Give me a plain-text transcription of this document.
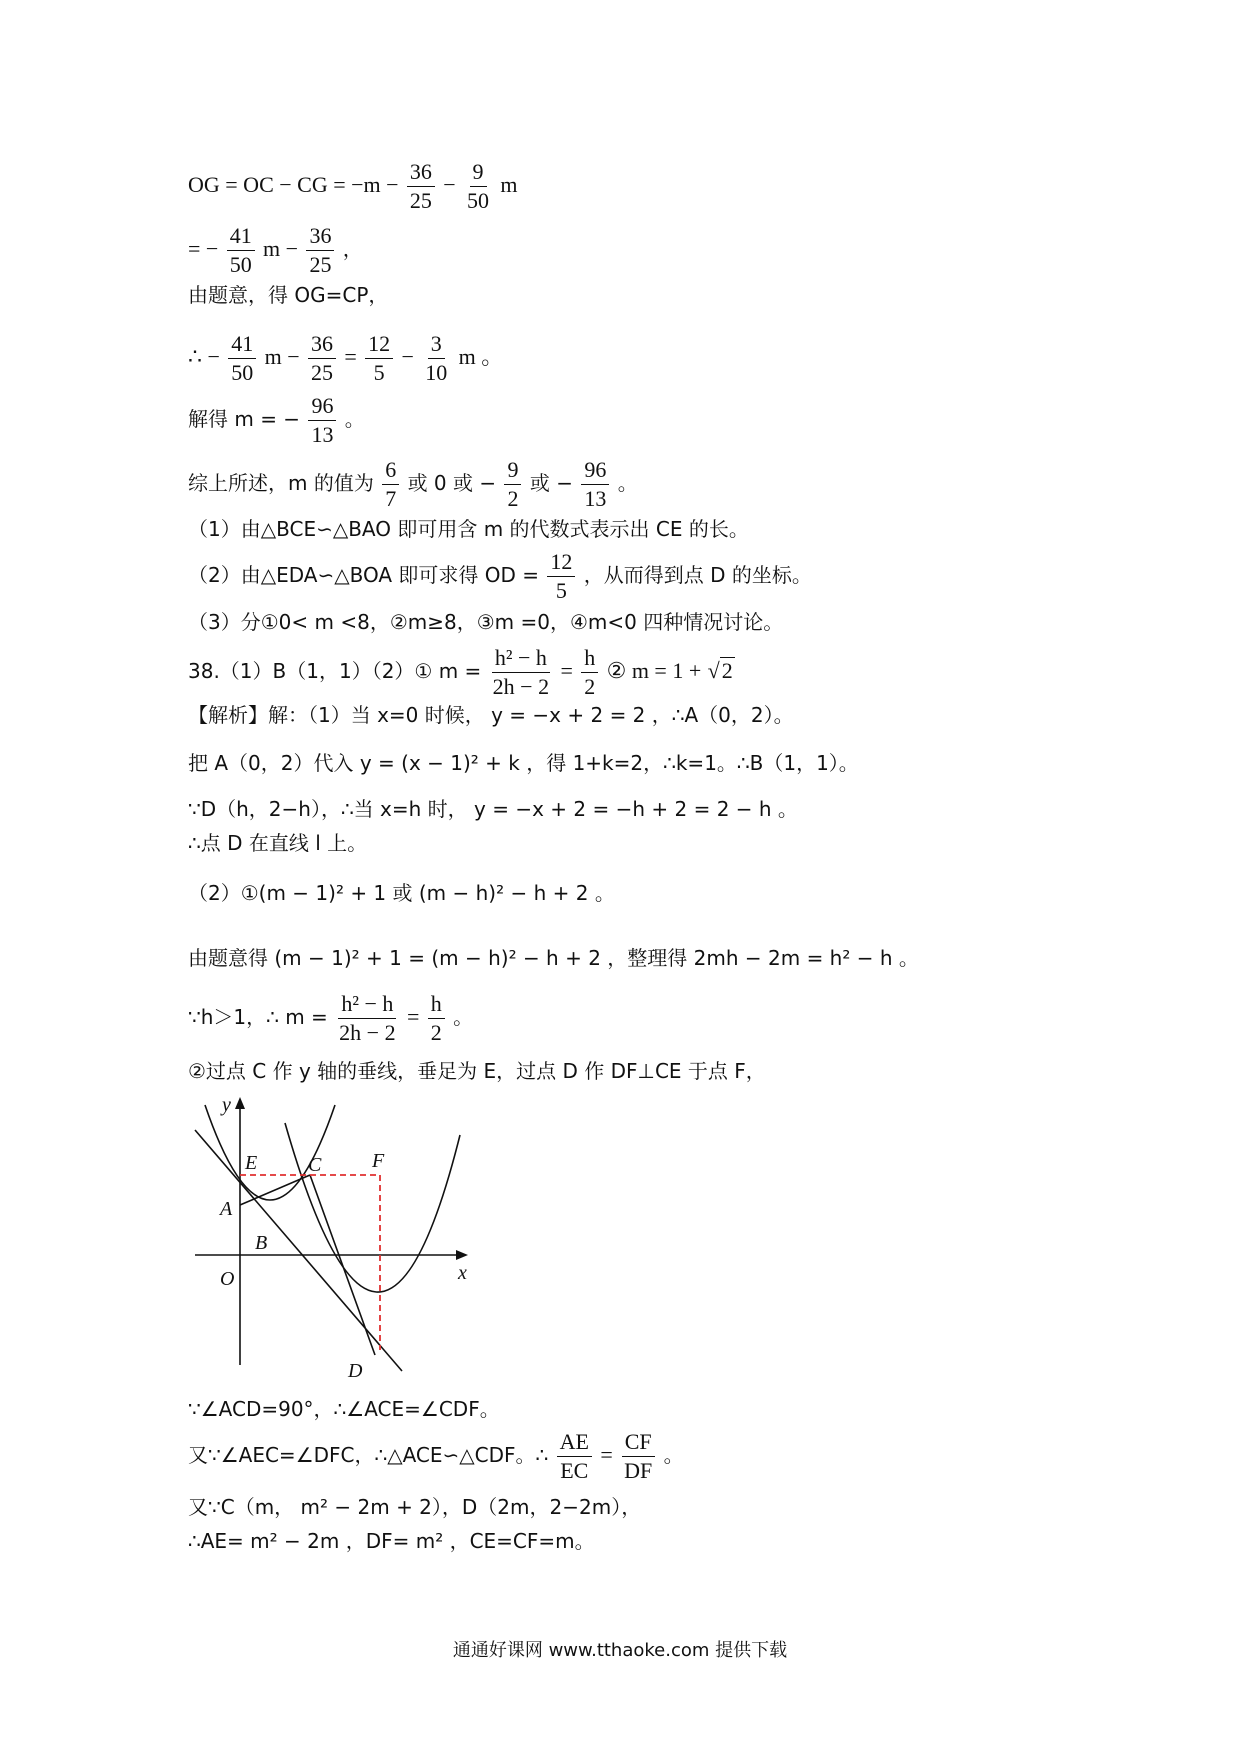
OG = OC − CG = $-m - \frac{36}{25} - \frac{9}{50}$ m
= − $\frac{41}{50}$ $m - \frac{36}{25}$ ，
由题意，得 OG=CP，
∴ − $\frac{41}{50}$ $m - \frac{36}{25} = \frac{12}{5} - \frac{3}{10}$ m 。
解得 m = − $\frac{96}{13}$ 。
综上所述，m 的值为 $\frac{6}{7}$ 或 0 或 − $\frac{9}{2}$ 或 − $\frac{96}{13}$ 。
（1）由△BCE∽△BAO 即可用含 m 的代数式表示出 CE 的长。
（2）由△EDA∽△BOA 即可求得 OD = $\frac{12}{5}$ ，从而得到点 D 的坐标。
（3）分①0< m <8，②m≥8，③m =0，④m<0 四种情况讨论。
38.（1）B（1，1）（2）① $m = \frac{\text{h² − h}}{2h - 2} = \frac{h}{2}$ ② m = 1 + √2
【解析】解：（1）当 x=0 时候， y = −x + 2 = 2 ，∴A（0，2）。
把 A（0，2）代入 y = (x − 1)² + k ，得 1+k=2，∴k=1。∴B（1，1）。
∵D（h，2−h），∴当 x=h 时， y = −x + 2 = −h + 2 = 2 − h 。
∴点 D 在直线 l 上。
（2）①(m − 1)² + 1 或 (m − h)² − h + 2 。
由题意得 (m − 1)² + 1 = (m − h)² − h + 2 ，整理得 2mh − 2m = h² − h 。
∵h＞1，∴ $m = \frac{\text{h² − h}}{2h - 2} = \frac{h}{2}$ 。
②过点 C 作 y 轴的垂线，垂足为 E，过点 D 作 DF⊥CE 于点 F，
y
x
O
E	C	F
A
B
D
∵∠ACD=90°，∴∠ACE=∠CDF。
又∵∠AEC=∠DFC，∴△ACE∽△CDF。∴ $\frac{AE}{EC} = \frac{CF}{DF}$ 。
又∵C（m， m² − 2m + 2），D（2m，2−2m），
∴AE= m² − 2m ，DF= m² ，CE=CF=m。
通通好课网 www.tthaoke.com 提供下载
